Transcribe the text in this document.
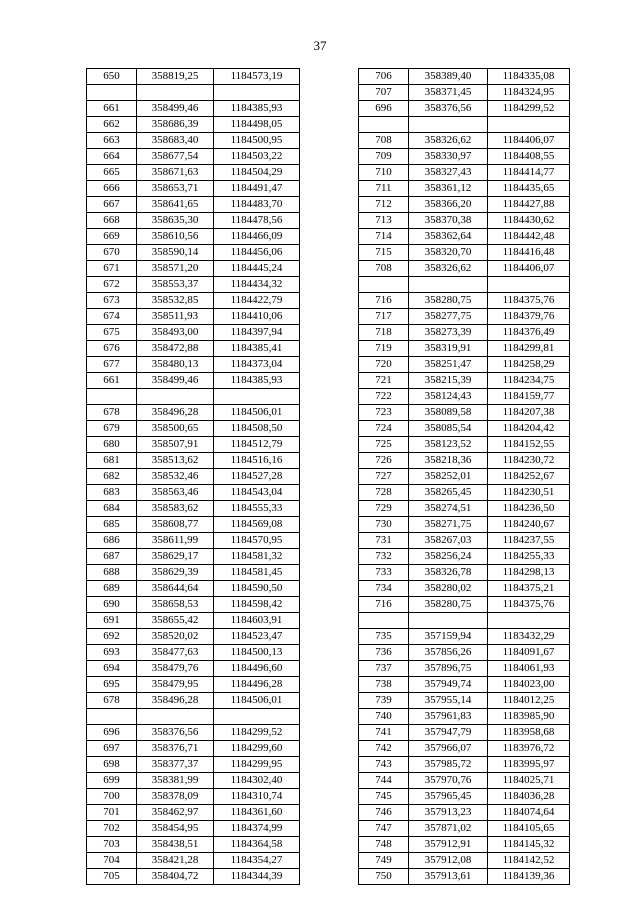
37
650	358819,25	1184573,19

661	358499,46	1184385,93
662	358686,39	1184498,05
663	358683,40	1184500,95
664	358677,54	1184503,22
665	358671,63	1184504,29
666	358653,71	1184491,47
667	358641,65	1184483,70
668	358635,30	1184478,56
669	358610,56	1184466,09
670	358590,14	1184456,06
671	358571,20	1184445,24
672	358553,37	1184434,32
673	358532,85	1184422,79
674	358511,93	1184410,06
675	358493,00	1184397,94
676	358472,88	1184385,41
677	358480,13	1184373,04
661	358499,46	1184385,93

678	358496,28	1184506,01
679	358500,65	1184508,50
680	358507,91	1184512,79
681	358513,62	1184516,16
682	358532,46	1184527,28
683	358563,46	1184543,04
684	358583,62	1184555,33
685	358608,77	1184569,08
686	358611,99	1184570,95
687	358629,17	1184581,32
688	358629,39	1184581,45
689	358644,64	1184590,50
690	358658,53	1184598,42
691	358655,42	1184603,91
692	358520,02	1184523,47
693	358477,63	1184500,13
694	358479,76	1184496,60
695	358479,95	1184496,28
678	358496,28	1184506,01

696	358376,56	1184299,52
697	358376,71	1184299,60
698	358377,37	1184299,95
699	358381,99	1184302,40
700	358378,09	1184310,74
701	358462,97	1184361,60
702	358454,95	1184374,99
703	358438,51	1184364,58
704	358421,28	1184354,27
705	358404,72	1184344,39
706	358389,40	1184335,08
707	358371,45	1184324,95
696	358376,56	1184299,52

708	358326,62	1184406,07
709	358330,97	1184408,55
710	358327,43	1184414,77
711	358361,12	1184435,65
712	358366,20	1184427,88
713	358370,38	1184430,62
714	358362,64	1184442,48
715	358320,70	1184416,48
708	358326,62	1184406,07

716	358280,75	1184375,76
717	358277,75	1184379,76
718	358273,39	1184376,49
719	358319,91	1184299,81
720	358251,47	1184258,29
721	358215,39	1184234,75
722	358124,43	1184159,77
723	358089,58	1184207,38
724	358085,54	1184204,42
725	358123,52	1184152,55
726	358218,36	1184230,72
727	358252,01	1184252,67
728	358265,45	1184230,51
729	358274,51	1184236,50
730	358271,75	1184240,67
731	358267,03	1184237,55
732	358256,24	1184255,33
733	358326,78	1184298,13
734	358280,02	1184375,21
716	358280,75	1184375,76

735	357159,94	1183432,29
736	357856,26	1184091,67
737	357896,75	1184061,93
738	357949,74	1184023,00
739	357955,14	1184012,25
740	357961,83	1183985,90
741	357947,79	1183958,68
742	357966,07	1183976,72
743	357985,72	1183995,97
744	357970,76	1184025,71
745	357965,45	1184036,28
746	357913,23	1184074,64
747	357871,02	1184105,65
748	357912,91	1184145,32
749	357912,08	1184142,52
750	357913,61	1184139,36
